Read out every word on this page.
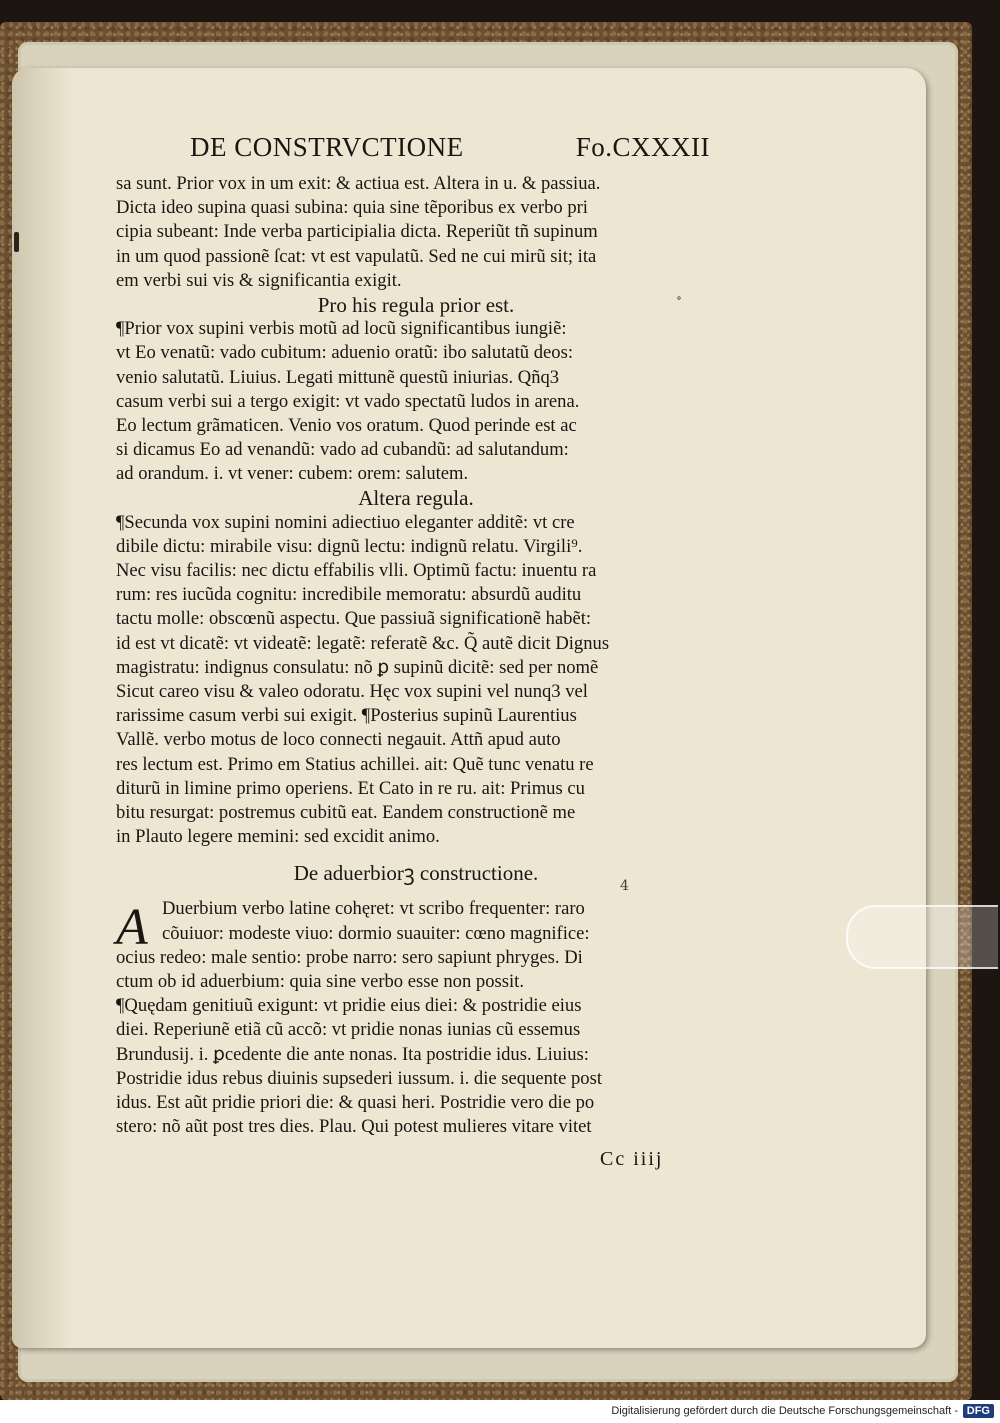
DE CONSTRVCTIONE	Fo.CXXXII
˚
sa sunt. Prior vox in um exit: & actiua est. Altera in u. & passiua.
Dicta ideo supina quasi subina: quia sine tẽporibus ex verbo pri
cipia subeant: Inde verba participialia dicta. Reperiũt tñ supinum
in um quod passionẽ ſcat: vt est vapulatũ. Sed ne cui mirũ sit; ita
em verbi sui vis & significantia exigit.
Pro his regula prior est.
¶Prior vox supini verbis motũ ad locũ significantibus iungiẽ:
vt Eo venatũ: vado cubitum: aduenio oratũ: ibo salutatũ deos:
venio salutatũ. Liuius. Legati mittunẽ questũ iniurias. Qñq3
casum verbi sui a tergo exigit: vt vado spectatũ ludos in arena.
Eo lectum grãmaticen. Venio vos oratum. Quod perinde est ac
si dicamus Eo ad venandũ: vado ad cubandũ: ad salutandum:
ad orandum. i. vt vener: cubem: orem: salutem.
Altera regula.
¶Secunda vox supini nomini adiectiuo eleganter additẽ: vt cre
dibile dictu: mirabile visu: dignũ lectu: indignũ relatu. Virgili⁹.
Nec visu facilis: nec dictu effabilis vlli. Optimũ factu: inuentu ra
rum: res iucũda cognitu: incredibile memoratu: absurdũ auditu
tactu molle: obscœnũ aspectu. Que passiuã significationẽ habẽt:
id est vt dicatẽ: vt videatẽ: legatẽ: referatẽ &c. Q̃ autẽ dicit Dignus
magistratu: indignus consulatu: nõ ꝑ supinũ dicitẽ: sed per nomẽ
Sicut careo visu & valeo odoratu. Hęc vox supini vel nunq3 vel
rarissime casum verbi sui exigit. ¶Posterius supinũ Laurentius
Vallẽ. verbo motus de loco connecti negauit. Attñ apud auto
res lectum est. Primo em Statius achillei. ait: Quẽ tunc venatu re
diturũ in limine primo operiens. Et Cato in re ru. ait: Primus cu
bitu resurgat: postremus cubitũ eat. Eandem constructionẽ me
in Plauto legere memini: sed excidit animo.
De aduerbiorꝫ constructione.
A Duerbium verbo latine cohęret: vt scribo frequenter: raro
cõuiuor: modeste viuo: dormio suauiter: cœno magnifice:
ocius redeo: male sentio: probe narro: sero sapiunt phryges. Di
ctum ob id aduerbium: quia sine verbo esse non possit.
¶Quędam genitiuũ exigunt: vt pridie eius diei: & postridie eius
diei. Reperiunẽ etiã cũ accõ: vt pridie nonas iunias cũ essemus
Brundusij. i. ꝑcedente die ante nonas. Ita postridie idus. Liuius:
Postridie idus rebus diuinis supsederi iussum. i. die sequente post
idus. Est aũt pridie priori die: & quasi heri. Postridie vero die po
stero: nõ aũt post tres dies. Plau. Qui potest mulieres vitare vitet
4
Cc iiij
Digitalisierung gefördert durch die Deutsche Forschungsgemeinschaft - DFG
